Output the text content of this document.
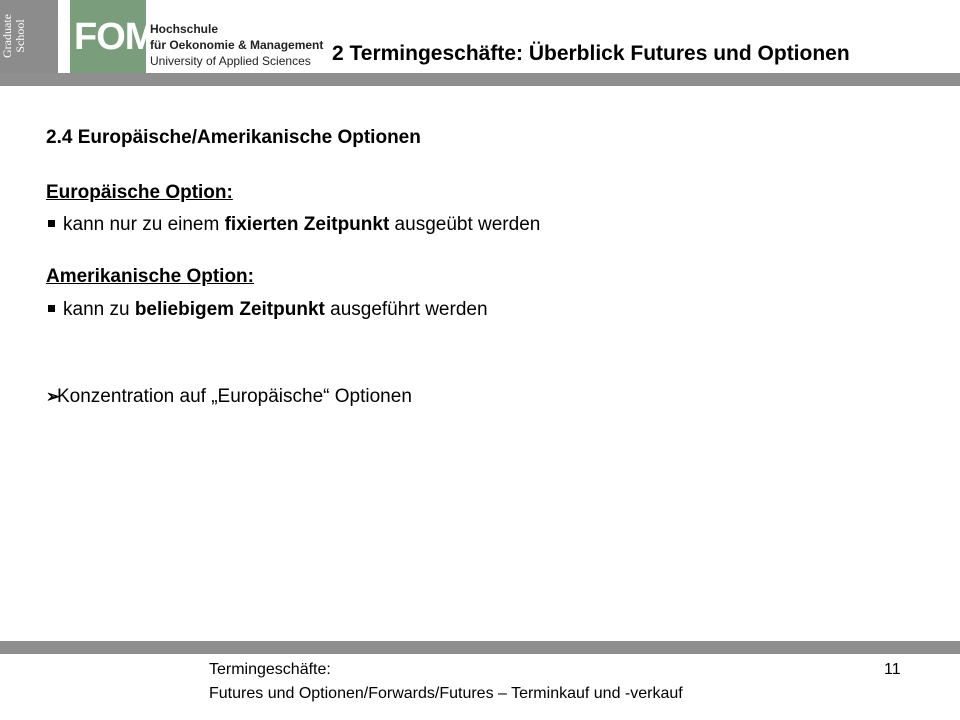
Graduate School FOM
Hochschule
für Oekonomie & Management
University of Applied Sciences 2 Termingeschäfte: Überblick Futures und Optionen
2.4 Europäische/Amerikanische Optionen
Europäische Option:
kann nur zu einem fixierten Zeitpunkt ausgeübt werden
Amerikanische Option:
kann zu beliebigem Zeitpunkt ausgeführt werden
➢Konzentration auf „Europäische“ Optionen
Termingeschäfte:
Futures und Optionen/Forwards/Futures – Terminkauf und -verkauf
11
